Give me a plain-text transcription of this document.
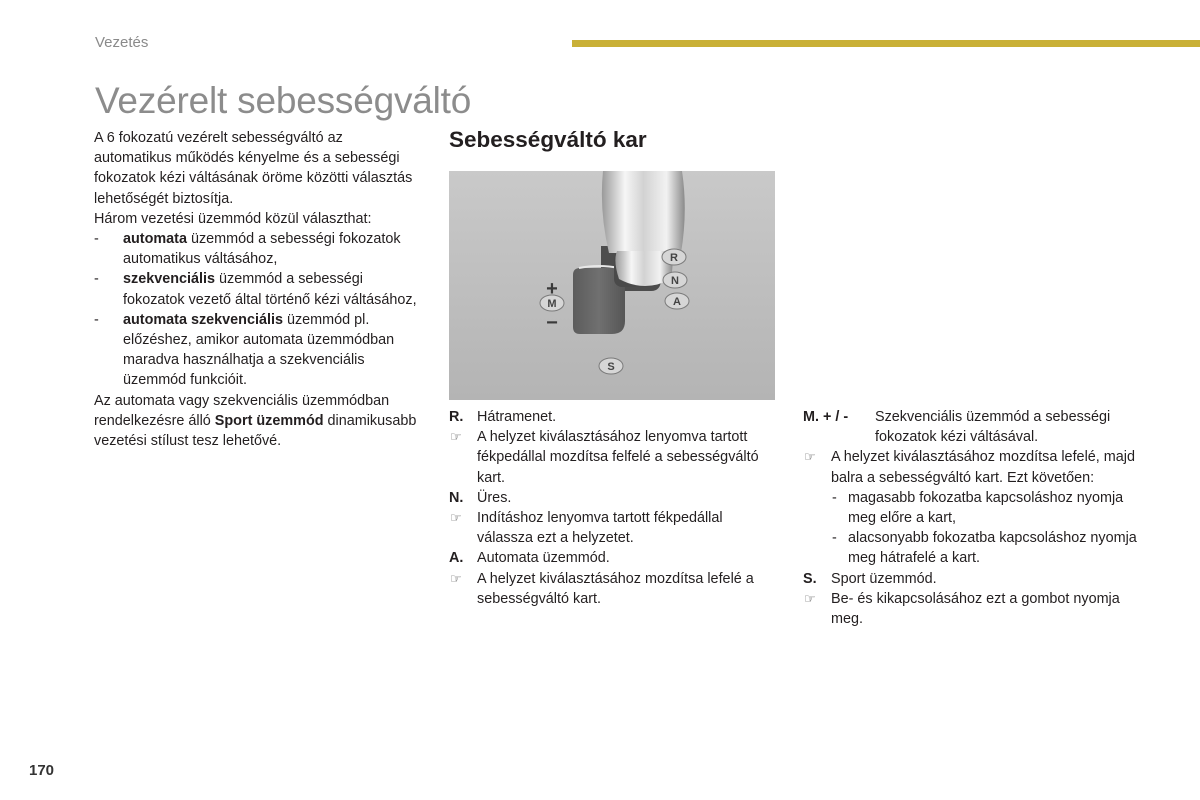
Vezetés
Vezérelt sebességváltó

A 6 fokozatú vezérelt sebességváltó az automatikus működés kényelme és a sebességi fokozatok kézi váltásának öröme közötti választás lehetőségét biztosítja.

Három vezetési üzemmód közül választhat:

- automata üzemmód a sebességi fokozatok automatikus váltásához,
- szekvenciális üzemmód a sebességi fokozatok vezető által történő kézi váltásához,
- automata szekvenciális üzemmód pl. előzéshez, amikor automata üzemmódban maradva használhatja a szekvenciális üzemmód funkcióit.

Az automata vagy szekvenciális üzemmódban rendelkezésre álló Sport üzemmód dinamikusabb vezetési stílust tesz lehetővé.

Sebességváltó kar
R
N
A
M
S
+
−
R. Hátramenet.
☞	A helyzet kiválasztásához lenyomva tartott fékpedállal mozdítsa felfelé a sebességváltó kart.
N. Üres.
☞	Indításhoz lenyomva tartott fékpedállal válassza ezt a helyzetet.
A. Automata üzemmód.
☞	A helyzet kiválasztásához mozdítsa lefelé a sebességváltó kart.
M. + / -	Szekvenciális üzemmód a sebességi fokozatok kézi váltásával.
☞	A helyzet kiválasztásához mozdítsa lefelé, majd balra a sebességváltó kart. Ezt követően:
- magasabb fokozatba kapcsoláshoz nyomja meg előre a kart,
- alacsonyabb fokozatba kapcsoláshoz nyomja meg hátrafelé a kart.
S. Sport üzemmód.
☞	Be- és kikapcsolásához ezt a gombot nyomja meg.
170
